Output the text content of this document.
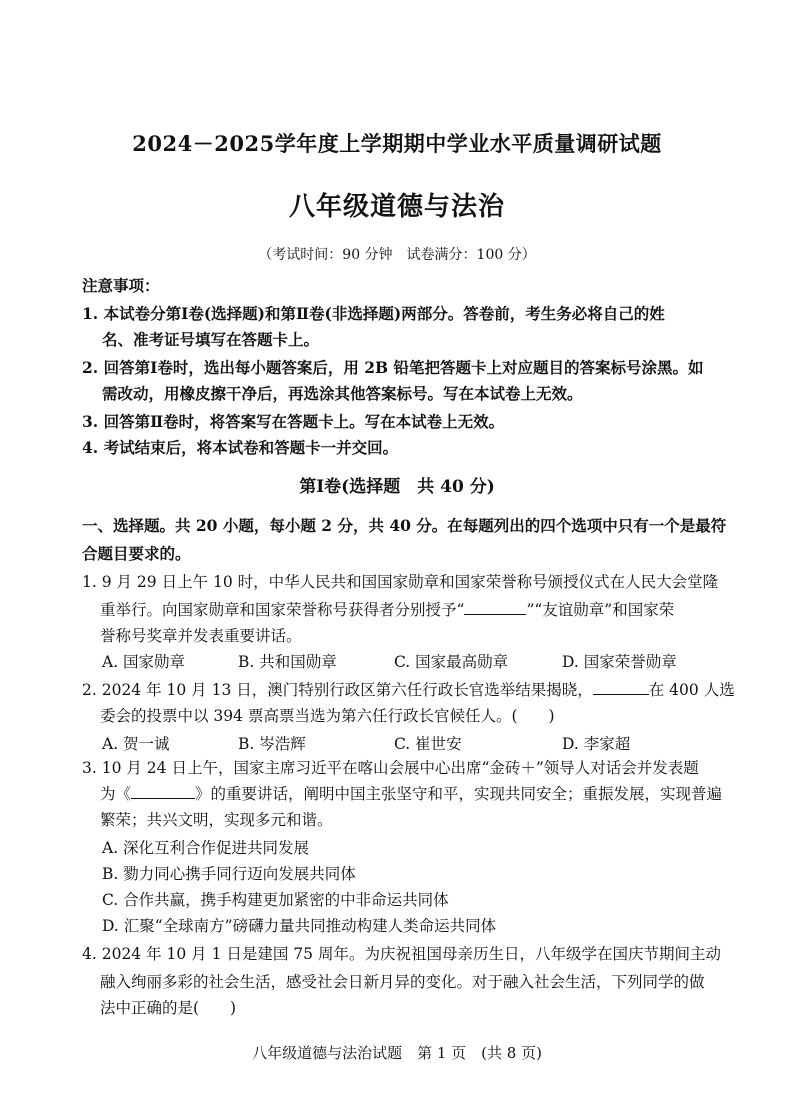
2024－2025学年度上学期期中学业水平质量调研试题
八年级道德与法治
（考试时间：90 分钟　试卷满分：100 分）
注意事项：
1. 本试卷分第Ⅰ卷(选择题)和第Ⅱ卷(非选择题)两部分。答卷前，考生务必将自己的姓
名、准考证号填写在答题卡上。
2. 回答第Ⅰ卷时，选出每小题答案后，用 2B 铅笔把答题卡上对应题目的答案标号涂黑。如
需改动，用橡皮擦干净后，再选涂其他答案标号。写在本试卷上无效。
3. 回答第Ⅱ卷时，将答案写在答题卡上。写在本试卷上无效。
4. 考试结束后，将本试卷和答题卡一并交回。
第Ⅰ卷(选择题　共 40 分)
一、选择题。共 20 小题，每小题 2 分，共 40 分。在每题列出的四个选项中只有一个是最符
合题目要求的。
1. 9 月 29 日上午 10 时，中华人民共和国国家勋章和国家荣誉称号颁授仪式在人民大会堂隆
重举行。向国家勋章和国家荣誉称号获得者分别授予“	”“友谊勋章”和国家荣
誉称号奖章并发表重要讲话。
A. 国家勋章	B. 共和国勋章	C. 国家最高勋章	D. 国家荣誉勋章
2. 2024 年 10 月 13 日，澳门特别行政区第六任行政长官选举结果揭晓，	在 400 人选
委会的投票中以 394 票高票当选为第六任行政长官候任人。(　　)
A. 贺一诚	B. 岑浩辉	C. 崔世安	D. 李家超
3. 10 月 24 日上午，国家主席习近平在喀山会展中心出席“金砖＋”领导人对话会并发表题
为《	》的重要讲话，阐明中国主张坚守和平，实现共同安全；重振发展，实现普遍
繁荣；共兴文明，实现多元和谐。
A. 深化互利合作促进共同发展
B. 勠力同心携手同行迈向发展共同体
C. 合作共赢，携手构建更加紧密的中非命运共同体
D. 汇聚“全球南方”磅礴力量共同推动构建人类命运共同体
4. 2024 年 10 月 1 日是建国 75 周年。为庆祝祖国母亲历生日，八年级学在国庆节期间主动
融入绚丽多彩的社会生活，感受社会日新月异的变化。对于融入社会生活，下列同学的做
法中正确的是(　　)
八年级道德与法治试题　第 1 页　(共 8 页)
